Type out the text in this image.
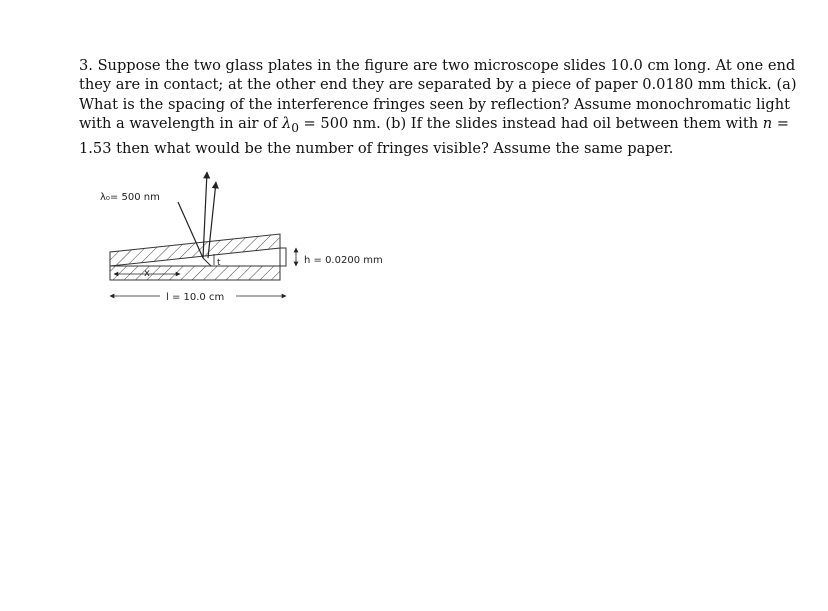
3. Suppose the two glass plates in the figure are two microscope slides 10.0 cm long. At one end
they are in contact; at the other end they are separated by a piece of paper 0.0180 mm thick. (a)
What is the spacing of the interference fringes seen by reflection? Assume monochromatic light
with a wavelength in air of $\lambda_0 = 500$ nm. (b) If the slides instead had oil between them with n =
1.53 then what would be the number of fringes visible? Assume the same paper.
λ₀= 500 nm
t
x
h = 0.0200 mm
l = 10.0 cm
